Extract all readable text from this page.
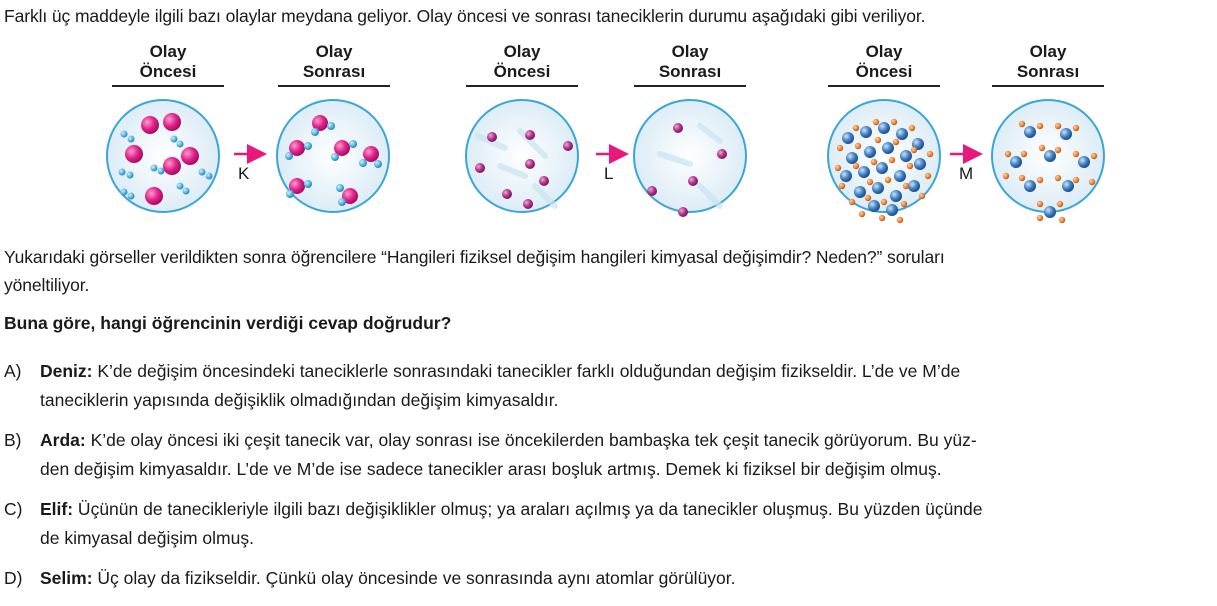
Farklı üç maddeyle ilgili bazı olaylar meydana geliyor. Olay öncesi ve sonrası taneciklerin durumu aşağıdaki gibi veriliyor.
Olay
Öncesi
Olay
Sonrası
Olay
Öncesi
Olay
Sonrası
Olay
Öncesi
Olay
Sonrası
K	L	M
Yukarıdaki görseller verildikten sonra öğrencilere “Hangileri fiziksel değişim hangileri kimyasal değişimdir? Neden?” soruları
yöneltiliyor.
Buna göre, hangi öğrencinin verdiği cevap doğrudur?
A) Deniz: K’de değişim öncesindeki taneciklerle sonrasındaki tanecikler farklı olduğundan değişim fizikseldir. L’de ve M’de
taneciklerin yapısında değişiklik olmadığından değişim kimyasaldır.
B) Arda: K’de olay öncesi iki çeşit tanecik var, olay sonrası ise öncekilerden bambaşka tek çeşit tanecik görüyorum. Bu yüz-
den değişim kimyasaldır. L’de ve M’de ise sadece tanecikler arası boşluk artmış. Demek ki fiziksel bir değişim olmuş.
C) Elif: Üçünün de tanecikleriyle ilgili bazı değişiklikler olmuş; ya araları açılmış ya da tanecikler oluşmuş. Bu yüzden üçünde
de kimyasal değişim olmuş.
D) Selim: Üç olay da fizikseldir. Çünkü olay öncesinde ve sonrasında aynı atomlar görülüyor.
